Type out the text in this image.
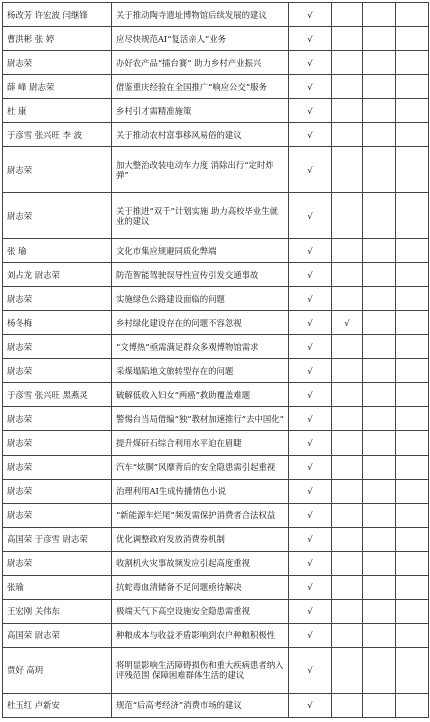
杨改芳 许宏波 闫继锋	关于推动陶寺遗址博物馆后续发展的建议	√			
曹洪彬 张 婷	应尽快规范AI“复活亲人”业务	√			
尉志荣	办好农产品“擂台赛” 助力乡村产业振兴	√			
薛 峰 尉志荣	借鉴重庆经验在全国推广“响应公交”服务	√			
杜 康	乡村引才需精准施策	√			
于彦雪 张兴旺 李 波	关于推动农村富事移风易俗的建议	√			
尉志荣	加大整治改装电动车力度 消除出行“定时炸弹”	√			
尉志荣	关于推进“双千”计划实施 助力高校毕业生就业的建议	√			
张 瑜	文化市集应规避同质化弊端	√			
刘占龙 尉志荣	防范智能驾驶误导性宣传引发交通事故	√			
尉志荣	实施绿色公路建设面临的问题	√			
杨冬梅	乡村绿化建设存在的问题不容忽视	√	√		
尉志荣	“文博热”亟需满足群众多观博物馆需求	√			
尉志荣	采煤塌陷地文旅转型存在的问题	√			
于彦雪 张兴旺 黑燕灵	破解低收入妇女“两癌”救助覆盖难题	√			
尉志荣	警惕台当局借编“独”教材加速推行“去中国化”	√			
尉志荣	提升煤矸石综合利用水平迫在眉睫	√			
尉志荣	汽车“炫胴”风靡背后的安全隐患需引起重视	√			
尉志荣	治理利用AI生成传播情色小说	√			
尉志荣	“新能源车烂尾”频发需保护消费者合法权益	√			
高国荣 于彦雪 尉志荣	优化调整政府发放消费券机制	√			
尉志荣	收割机火灾事故频发应引起高度重视	√			
张瑜	抗蛇毒血清储备不足问题亟待解决	√			
王宏刚 关伟东	极端天气下高空设施安全隐患需重视	√			
高国荣 尉志荣	种粮成本与收益矛盾影响到农户种粮积极性	√			
贾好 高玥	将明显影响生活障碍损伤和重大疾病患者纳入评残范围 保障困难群体生活的建议	√			
杜玉红 卢新安	规范“后高考经济”消费市场的建议	√			
